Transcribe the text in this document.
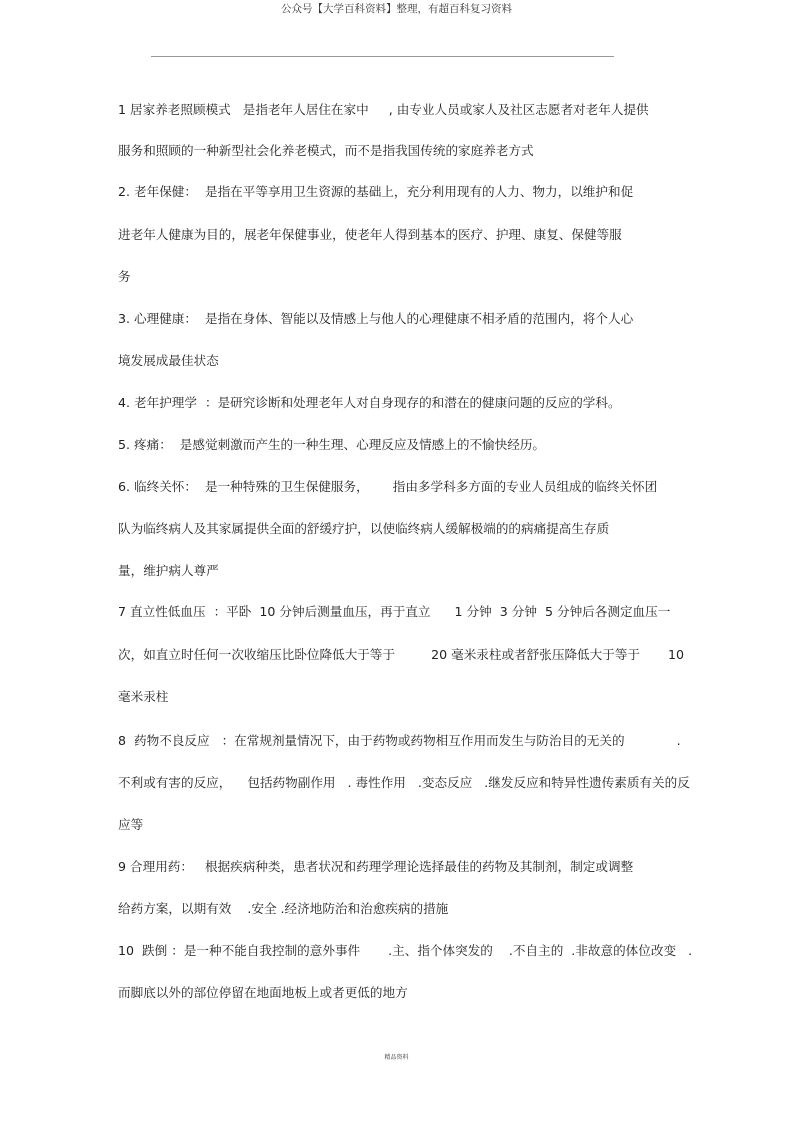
公众号【大学百科资料】整理，有超百科复习资料
1 居家养老照顾模式   是指老年人居住在家中     , 由专业人员或家人及社区志愿者对老年人提供
服务和照顾的一种新型社会化养老模式，而不是指我国传统的家庭养老方式
2. 老年保健：  是指在平等享用卫生资源的基础上，充分利用现有的人力、物力，以维护和促
进老年人健康为目的，展老年保健事业，使老年人得到基本的医疗、护理、康复、保健等服
务
3. 心理健康：  是指在身体、智能以及情感上与他人的心理健康不相矛盾的范围内，将个人心
境发展成最佳状态
4. 老年护理学  ：是研究诊断和处理老年人对自身现存的和潜在的健康问题的反应的学科。
5. 疼痛：  是感觉刺激而产生的一种生理、心理反应及情感上的不愉快经历。
6. 临终关怀：  是一种特殊的卫生保健服务，      指由多学科多方面的专业人员组成的临终关怀团
队为临终病人及其家属提供全面的舒缓疗护，以使临终病人缓解极端的的病痛提高生存质
量，维护病人尊严
7 直立性低血压  ：平卧  10 分钟后测量血压，再于直立      1 分钟  3 分钟  5 分钟后各测定血压一
次，如直立时任何一次收缩压比卧位降低大于等于         20 毫米汞柱或者舒张压降低大于等于       10
毫米汞柱
8  药物不良反应   ：在常规剂量情况下，由于药物或药物相互作用而发生与防治目的无关的             .
不利或有害的反应，    包括药物副作用   . 毒性作用   .变态反应   .继发反应和特异性遗传素质有关的反
应等
9 合理用药：   根据疾病种类，患者状况和药理学理论选择最佳的药物及其制剂，制定或调整
给药方案，以期有效    .安全 .经济地防治和治愈疾病的措施
10  跌倒 ：是一种不能自我控制的意外事件       .主、指个体突发的    .不自主的  .非故意的体位改变   .
而脚底以外的部位停留在地面地板上或者更低的地方
精品资料
